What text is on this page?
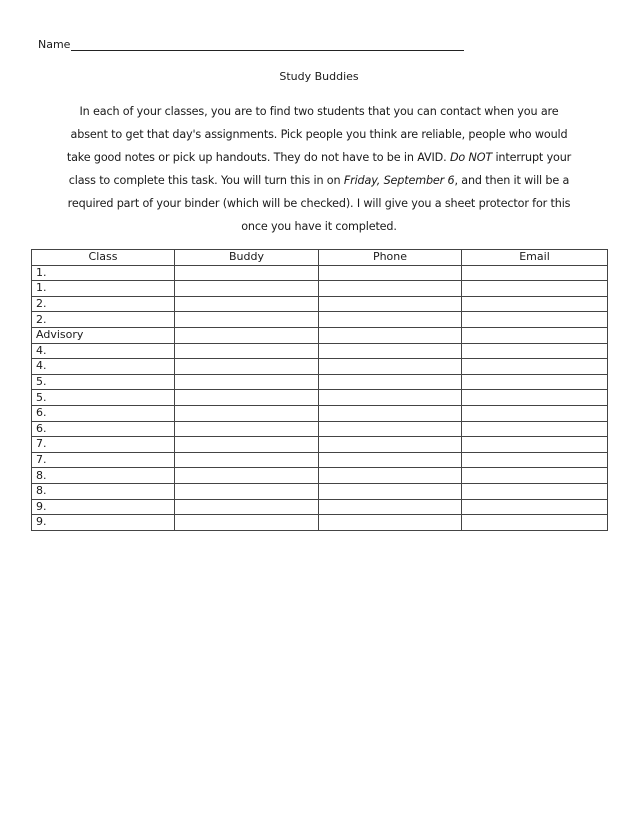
Name
Study Buddies
In each of your classes, you are to find two students that you can contact when you are
absent to get that day's assignments. Pick people you think are reliable, people who would
take good notes or pick up handouts. They do not have to be in AVID. Do NOT interrupt your
class to complete this task. You will turn this in on Friday, September 6, and then it will be a
required part of your binder (which will be checked). I will give you a sheet protector for this
once you have it completed.
Class	Buddy	Phone	Email
1.			
1.			
2.			
2.			
Advisory			
4.			
4.			
5.			
5.			
6.			
6.			
7.			
7.			
8.			
8.			
9.			
9.			
